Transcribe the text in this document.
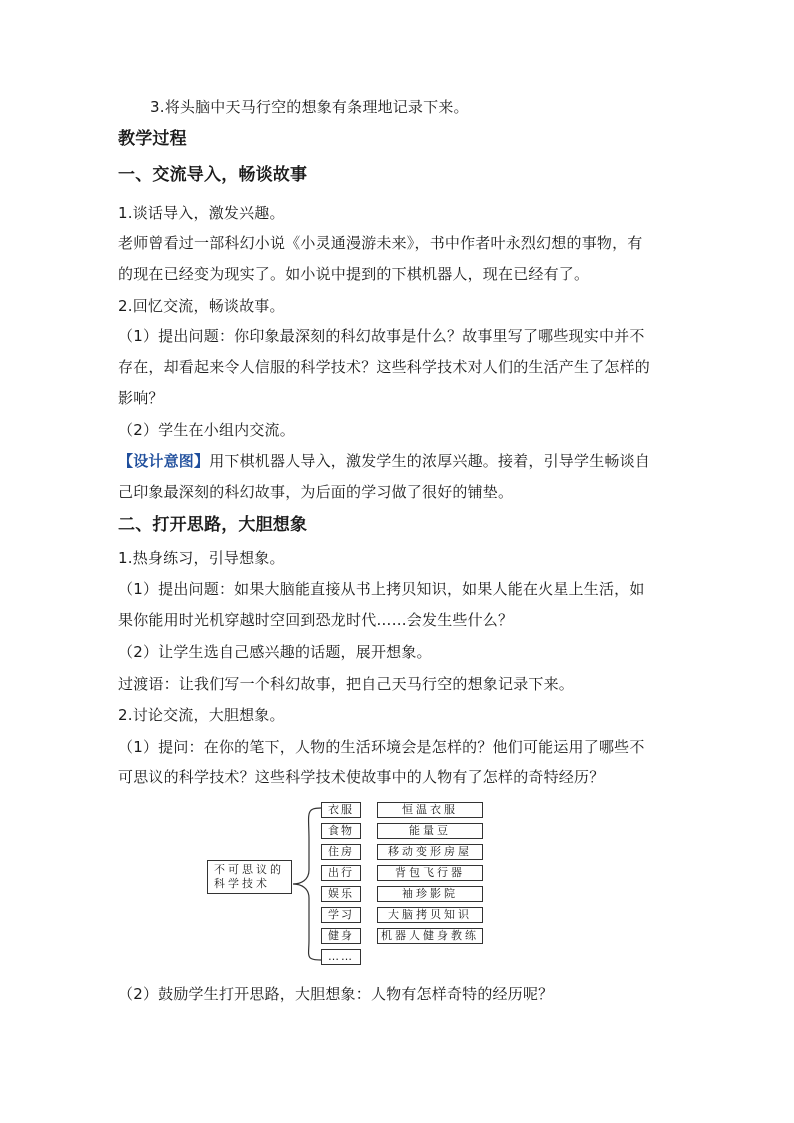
3.将头脑中天马行空的想象有条理地记录下来。
教学过程
一、交流导入，畅谈故事
1.谈话导入，激发兴趣。
老师曾看过一部科幻小说《小灵通漫游未来》，书中作者叶永烈幻想的事物，有
的现在已经变为现实了。如小说中提到的下棋机器人，现在已经有了。
2.回忆交流，畅谈故事。
（1）提出问题：你印象最深刻的科幻故事是什么？故事里写了哪些现实中并不
存在，却看起来令人信服的科学技术？这些科学技术对人们的生活产生了怎样的
影响？
（2）学生在小组内交流。
【设计意图】用下棋机器人导入，激发学生的浓厚兴趣。接着，引导学生畅谈自
己印象最深刻的科幻故事，为后面的学习做了很好的铺垫。
二、打开思路，大胆想象
1.热身练习，引导想象。
（1）提出问题：如果大脑能直接从书上拷贝知识，如果人能在火星上生活，如
果你能用时光机穿越时空回到恐龙时代……会发生些什么？
（2）让学生选自己感兴趣的话题，展开想象。
过渡语：让我们写一个科幻故事，把自己天马行空的想象记录下来。
2.讨论交流，大胆想象。
（1）提问：在你的笔下，人物的生活环境会是怎样的？他们可能运用了哪些不
可思议的科学技术？这些科学技术使故事中的人物有了怎样的奇特经历？
不可思议的
科学技术
衣服
食物
住房
出行
娱乐
学习
健身
……
恒温衣服
能量豆
移动变形房屋
背包飞行器
袖珍影院
大脑拷贝知识
机器人健身教练
（2）鼓励学生打开思路，大胆想象：人物有怎样奇特的经历呢？
